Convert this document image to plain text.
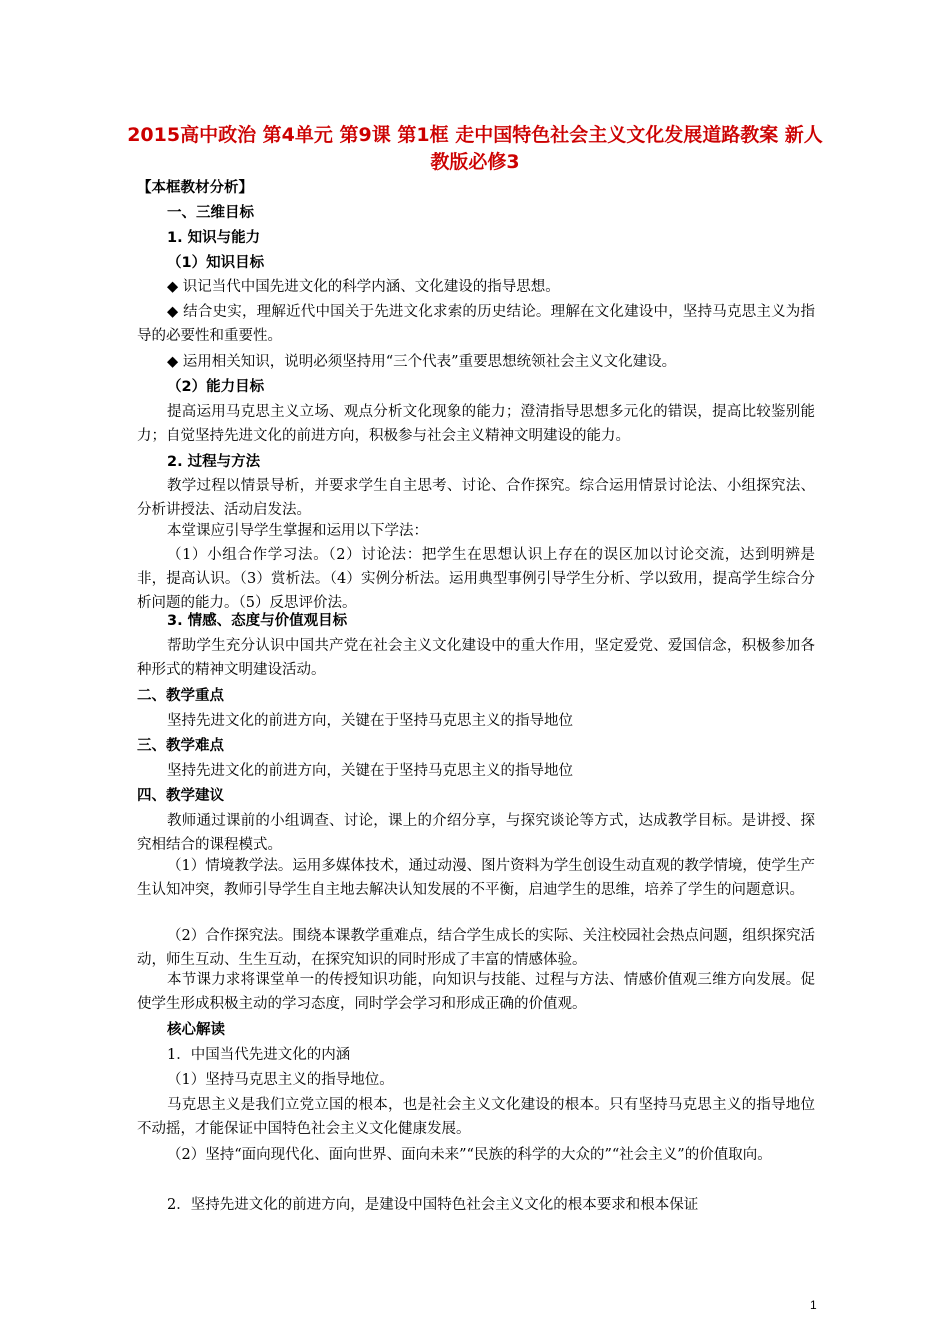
2015高中政治 第4单元 第9课 第1框 走中国特色社会主义文化发展道路教案 新人教版必修3

【本框教材分析】

一、三维目标

1. 知识与能力

（1）知识目标

◆ 识记当代中国先进文化的科学内涵、文化建设的指导思想。

◆ 结合史实，理解近代中国关于先进文化求索的历史结论。理解在文化建设中，坚持马克思主义为指导的必要性和重要性。

◆ 运用相关知识，说明必须坚持用“三个代表”重要思想统领社会主义文化建设。

（2）能力目标

提高运用马克思主义立场、观点分析文化现象的能力；澄清指导思想多元化的错误，提高比较鉴别能力；自觉坚持先进文化的前进方向，积极参与社会主义精神文明建设的能力。

2. 过程与方法

教学过程以情景导析，并要求学生自主思考、讨论、合作探究。综合运用情景讨论法、小组探究法、分析讲授法、活动启发法。

本堂课应引导学生掌握和运用以下学法：

（1）小组合作学习法。（2）讨论法：把学生在思想认识上存在的误区加以讨论交流，达到明辨是非，提高认识。（3）赏析法。（4）实例分析法。运用典型事例引导学生分析、学以致用，提高学生综合分析问题的能力。（5）反思评价法。

3. 情感、态度与价值观目标

帮助学生充分认识中国共产党在社会主义文化建设中的重大作用，坚定爱党、爱国信念，积极参加各种形式的精神文明建设活动。

二、教学重点

坚持先进文化的前进方向，关键在于坚持马克思主义的指导地位

三、教学难点

坚持先进文化的前进方向，关键在于坚持马克思主义的指导地位

四、教学建议

教师通过课前的小组调查、讨论，课上的介绍分享，与探究谈论等方式，达成教学目标。是讲授、探究相结合的课程模式。

（1）情境教学法。运用多媒体技术，通过动漫、图片资料为学生创设生动直观的教学情境，使学生产生认知冲突，教师引导学生自主地去解决认知发展的不平衡，启迪学生的思维，培养了学生的问题意识。

（2）合作探究法。围绕本课教学重难点，结合学生成长的实际、关注校园社会热点问题，组织探究活动，师生互动、生生互动，在探究知识的同时形成了丰富的情感体验。

本节课力求将课堂单一的传授知识功能，向知识与技能、过程与方法、情感价值观三维方向发展。促使学生形成积极主动的学习态度，同时学会学习和形成正确的价值观。

核心解读

1．中国当代先进文化的内涵

（1）坚持马克思主义的指导地位。

马克思主义是我们立党立国的根本，也是社会主义文化建设的根本。只有坚持马克思主义的指导地位不动摇，才能保证中国特色社会主义文化健康发展。

（2）坚持“面向现代化、面向世界、面向未来”“民族的科学的大众的”“社会主义”的价值取向。

2．坚持先进文化的前进方向，是建设中国特色社会主义文化的根本要求和根本保证

1
